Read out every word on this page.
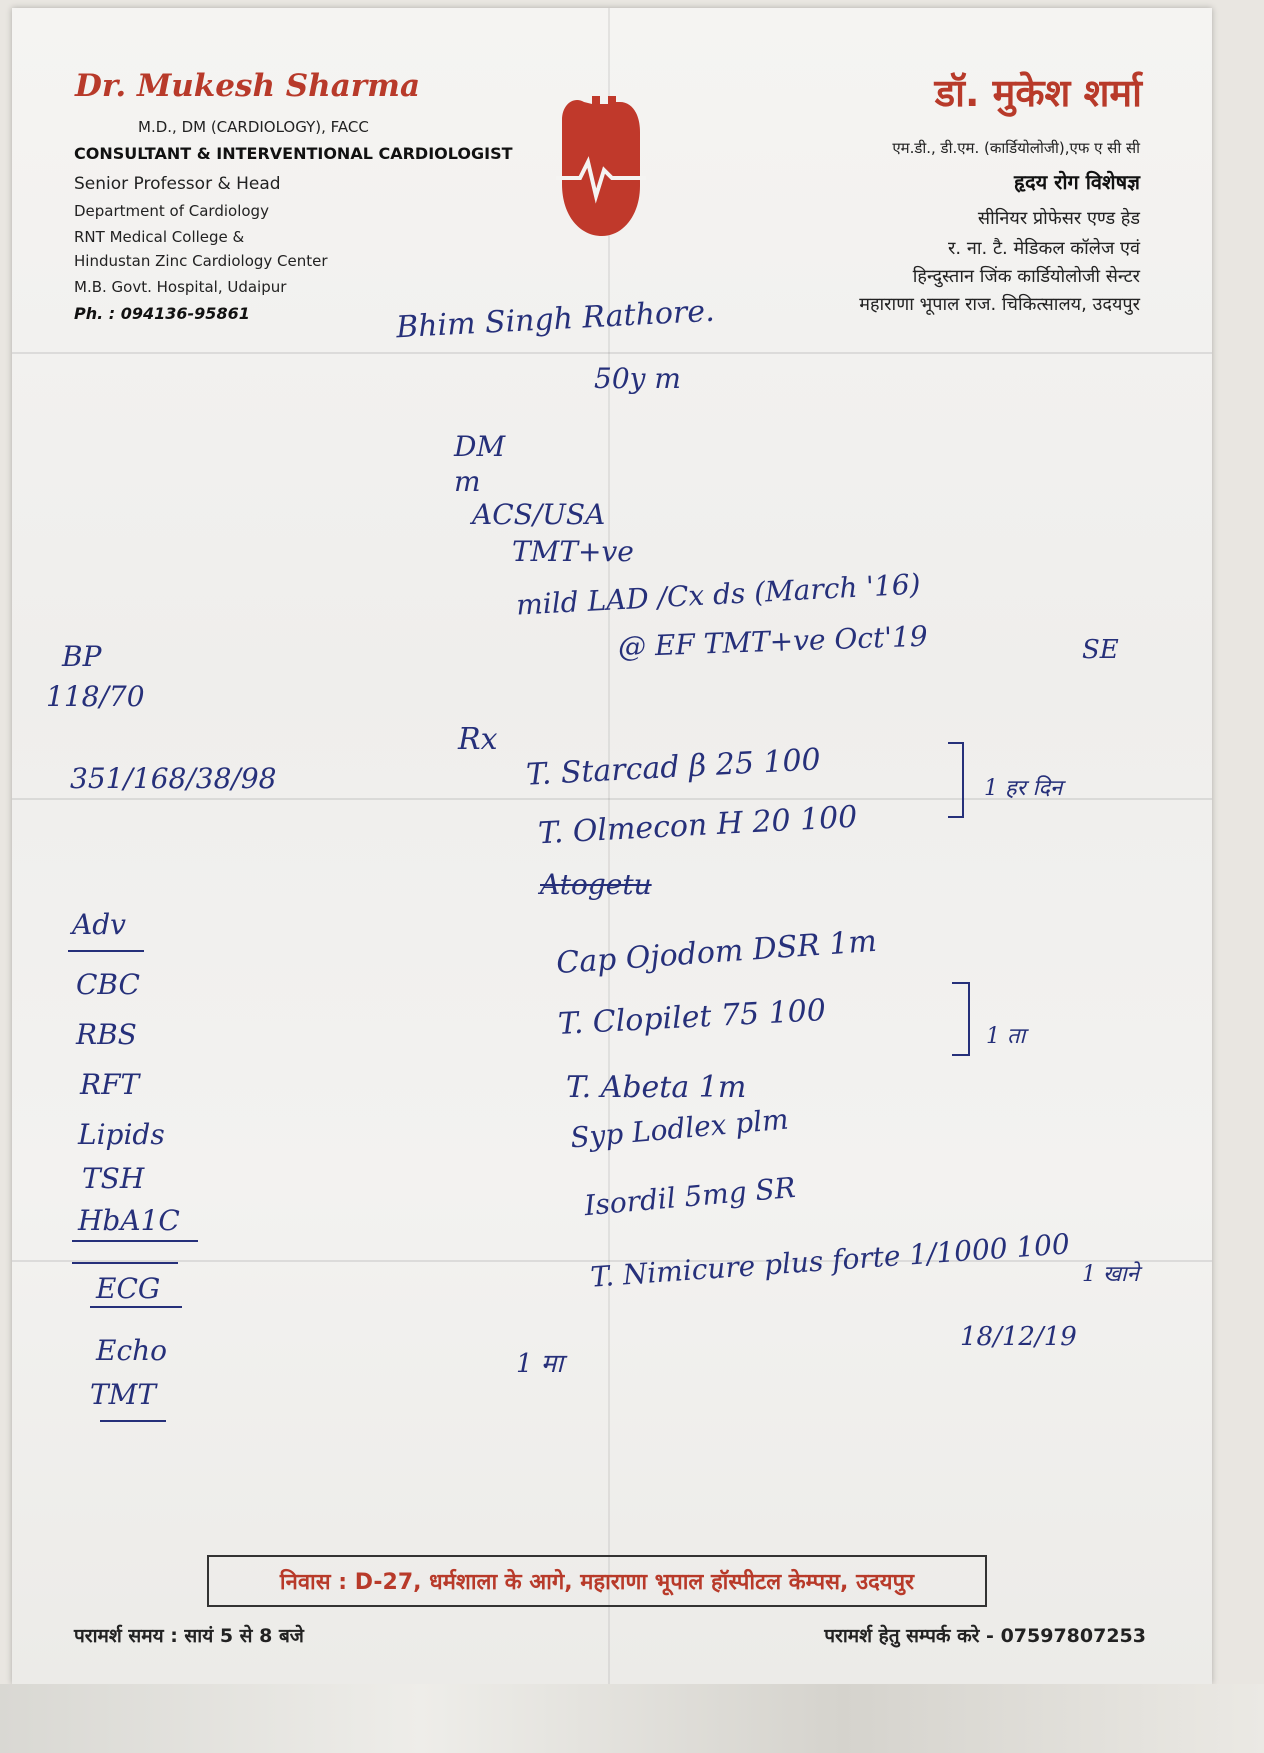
Dr. Mukesh Sharma
M.D., DM (CARDIOLOGY), FACC
CONSULTANT & INTERVENTIONAL CARDIOLOGIST
Senior Professor & Head
Department of Cardiology
RNT Medical College &
Hindustan Zinc Cardiology Center
M.B. Govt. Hospital, Udaipur
Ph. : 094136-95861
डॉ. मुकेश शर्मा
एम.डी., डी.एम. (कार्डियोलोजी),एफ ए सी सी
हृदय रोग विशेषज्ञ
सीनियर प्रोफेसर एण्ड हेड
र. ना. टै. मेडिकल कॉलेज एवं
हिन्दुस्तान जिंक कार्डियोलोजी सेन्टर
महाराणा भूपाल राज. चिकित्सालय, उदयपुर
Bhim Singh Rathore.
50y m
DM
m
ACS/USA
TMT+ve
mild LAD /Cx ds (March '16)
@ EF TMT+ve Oct'19	SE
BP
118/70
351/168/38/98
Rx
T. Starcad β 25 100
T. Olmecon H 20 100
1 हर दिन
Atogetu
Cap Ojodom DSR 1m
T. Clopilet 75 100
T. Abeta 1m
1 ता
Syp Lodlex plm
Isordil 5mg SR
T. Nimicure plus forte 1/1000 100 1 खाने
18/12/19
1 मा
Adv
CBC
RBS
RFT
Lipids
TSH
HbA1C
ECG
Echo
TMT
निवास : D-27, धर्मशाला के आगे, महाराणा भूपाल हॉस्पीटल केम्पस, उदयपुर
परामर्श समय : सायं 5 से 8 बजे	परामर्श हेतु सम्पर्क करे - 07597807253
